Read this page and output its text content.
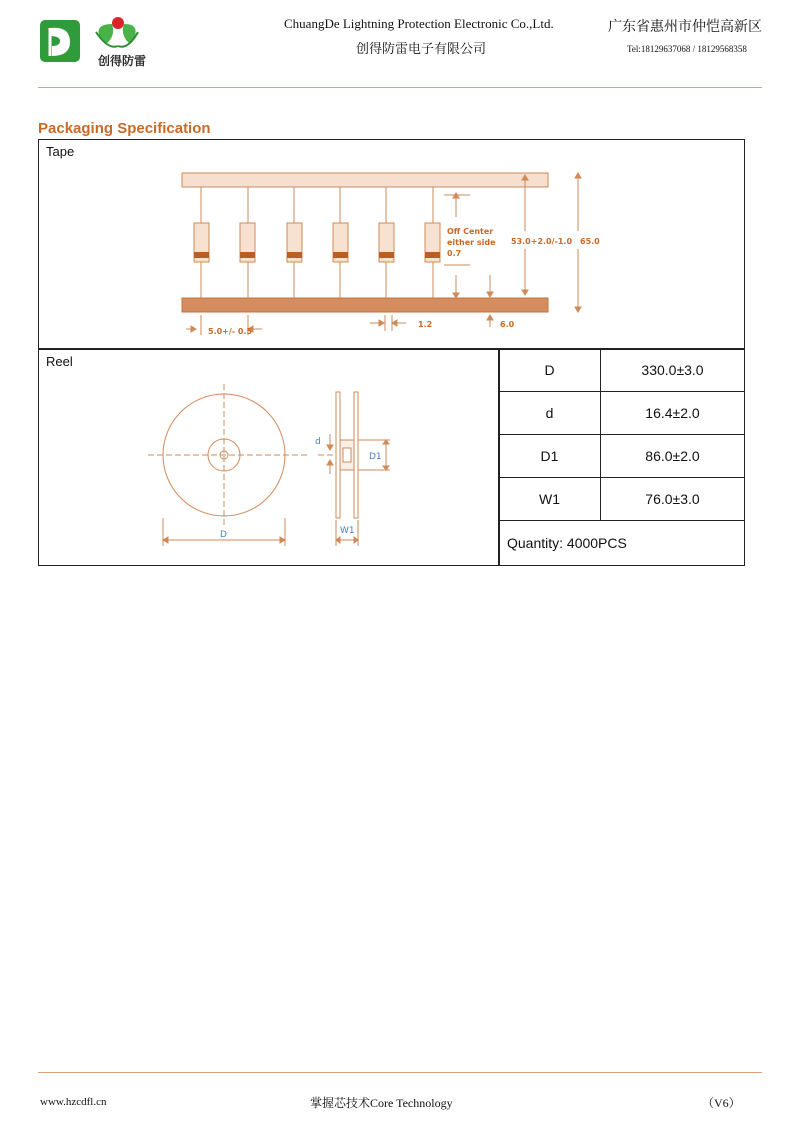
创得防雷
ChuangDe Lightning Protection Electronic Co.,Ltd.
创得防雷电子有限公司
广东省惠州市仲恺高新区
Tel:18129637068 / 18129568358
Packaging Specification
Tape
Off Center
either side
0.7
53.0+2.0/-1.0 65.0
5.0+/- 0.5
1.2	6.0
Reel
D	W1
D1
d
D	330.0±3.0
d	16.4±2.0
D1	86.0±2.0
W1	76.0±3.0
Quantity: 4000PCS	
www.hzcdfl.cn	掌握芯技术Core Technology	（V6）
